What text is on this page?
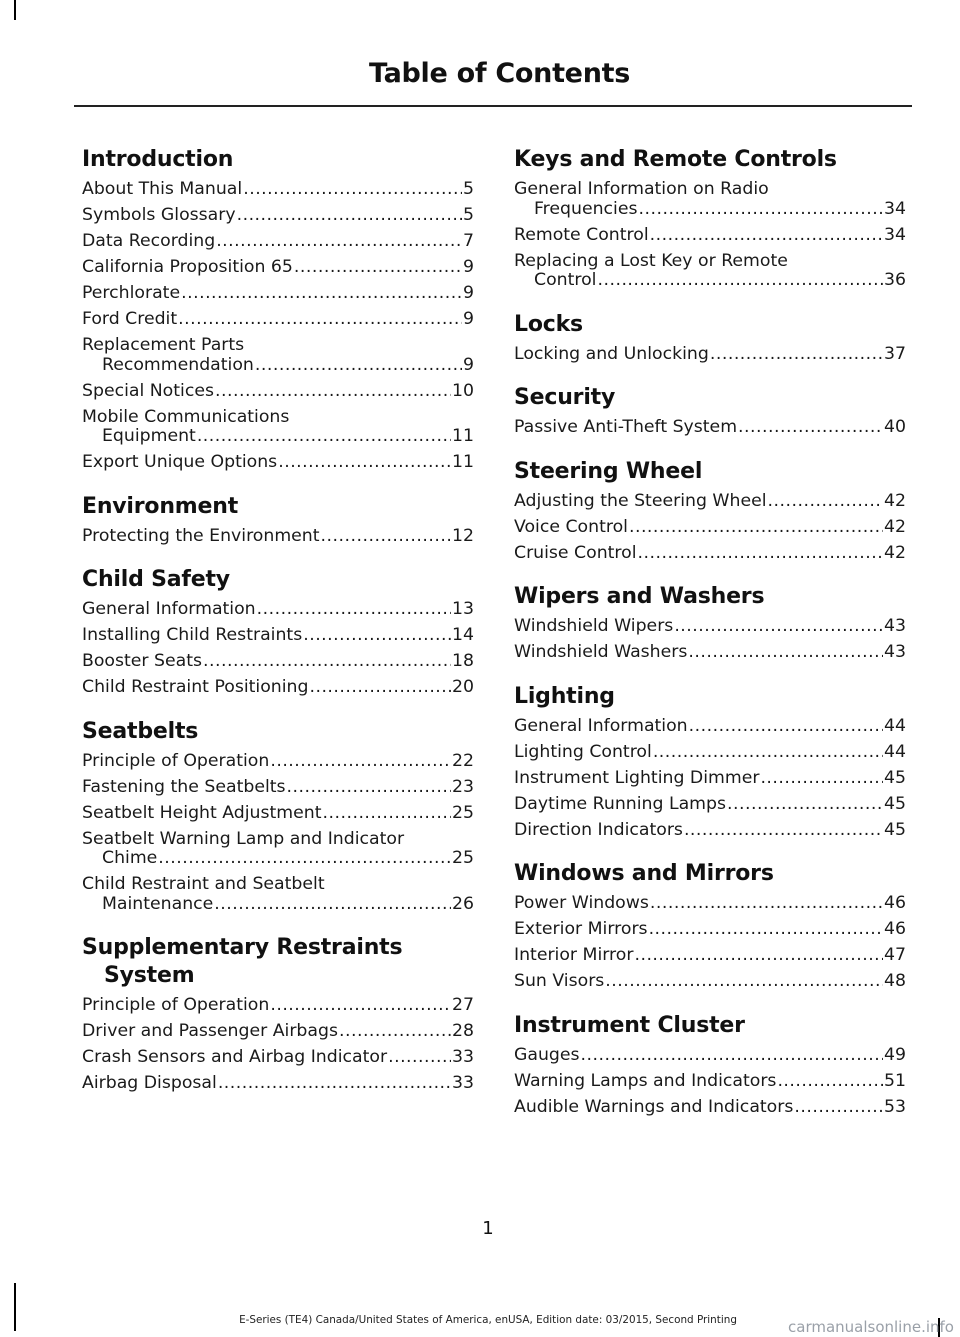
Table of Contents
Introduction
About This Manual .....	5
Symbols Glossary .....	5
Data Recording .....	7
California Proposition 65 .....	9
Perchlorate .....	9
Ford Credit .....	9
Replacement Parts
Recommendation .....	9
Special Notices .....	10
Mobile Communications
Equipment .....	11
Export Unique Options .....	11
Environment
Protecting the Environment .....	12
Child Safety
General Information .....	13
Installing Child Restraints .....	14
Booster Seats .....	18
Child Restraint Positioning .....	20
Seatbelts
Principle of Operation .....	22
Fastening the Seatbelts .....	23
Seatbelt Height Adjustment .....	25
Seatbelt Warning Lamp and Indicator
Chime .....	25
Child Restraint and Seatbelt
Maintenance .....	26
Supplementary Restraints
System
Principle of Operation .....	27
Driver and Passenger Airbags .....	28
Crash Sensors and Airbag Indicator .....	33
Airbag Disposal .....	33
Keys and Remote Controls
General Information on Radio
Frequencies .....	34
Remote Control .....	34
Replacing a Lost Key or Remote
Control .....	36
Locks
Locking and Unlocking .....	37
Security
Passive Anti-Theft System .....	40
Steering Wheel
Adjusting the Steering Wheel .....	42
Voice Control .....	42
Cruise Control .....	42
Wipers and Washers
Windshield Wipers .....	43
Windshield Washers .....	43
Lighting
General Information .....	44
Lighting Control .....	44
Instrument Lighting Dimmer .....	45
Daytime Running Lamps .....	45
Direction Indicators .....	45
Windows and Mirrors
Power Windows .....	46
Exterior Mirrors .....	46
Interior Mirror .....	47
Sun Visors .....	48
Instrument Cluster
Gauges .....	49
Warning Lamps and Indicators .....	51
Audible Warnings and Indicators .....	53
1
E-Series (TE4) Canada/United States of America, enUSA, Edition date: 03/2015, Second Printing	carmanualsonline.info
